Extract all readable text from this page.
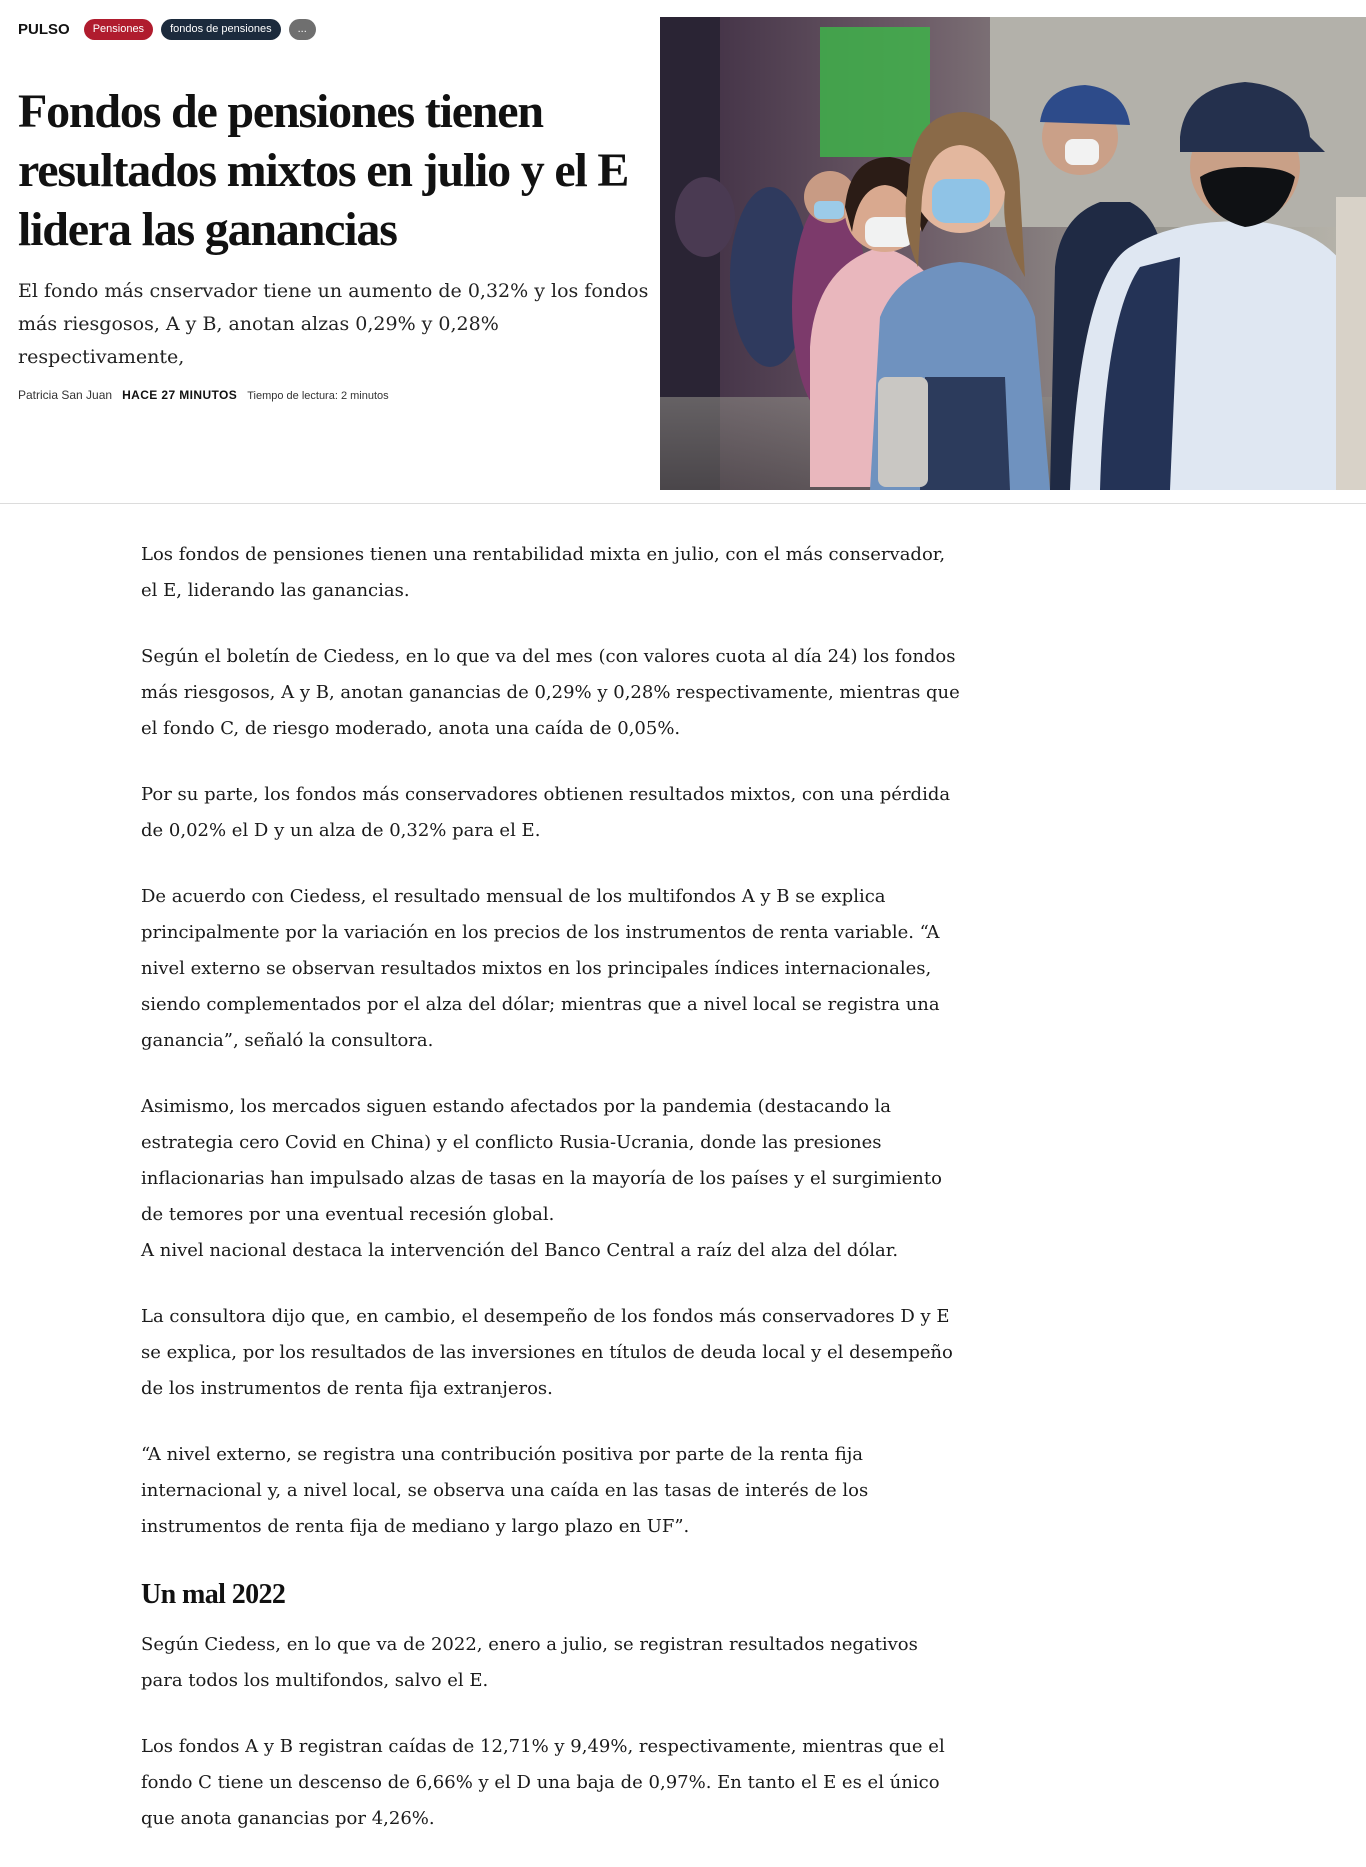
PULSO	Pensiones	fondos de pensiones	...
Fondos de pensiones tienen resultados mixtos en julio y el E lidera las ganancias

El fondo más cnservador tiene un aumento de 0,32% y los fondos más riesgosos, A y B, anotan alzas 0,29% y 0,28% respectivamente,

Patricia San Juan HACE 27 MINUTOS Tiempo de lectura: 2 minutos

Los fondos de pensiones tienen una rentabilidad mixta en julio, con el más conservador, el E, liderando las ganancias.

Según el boletín de Ciedess, en lo que va del mes (con valores cuota al día 24) los fondos más riesgosos, A y B, anotan ganancias de 0,29% y 0,28% respectivamente, mientras que el fondo C, de riesgo moderado, anota una caída de 0,05%.

Por su parte, los fondos más conservadores obtienen resultados mixtos, con una pérdida de 0,02% el D y un alza de 0,32% para el E.

De acuerdo con Ciedess, el resultado mensual de los multifondos A y B se explica principalmente por la variación en los precios de los instrumentos de renta variable. “A nivel externo se observan resultados mixtos en los principales índices internacionales, siendo complementados por el alza del dólar; mientras que a nivel local se registra una ganancia”, señaló la consultora.

Asimismo, los mercados siguen estando afectados por la pandemia (destacando la estrategia cero Covid en China) y el conflicto Rusia-Ucrania, donde las presiones inflacionarias han impulsado alzas de tasas en la mayoría de los países y el surgimiento de temores por una eventual recesión global.
A nivel nacional destaca la intervención del Banco Central a raíz del alza del dólar.

La consultora dijo que, en cambio, el desempeño de los fondos más conservadores D y E se explica, por los resultados de las inversiones en títulos de deuda local y el desempeño de los instrumentos de renta fija extranjeros.

“A nivel externo, se registra una contribución positiva por parte de la renta fija internacional y, a nivel local, se observa una caída en las tasas de interés de los instrumentos de renta fija de mediano y largo plazo en UF”.

Un mal 2022

Según Ciedess, en lo que va de 2022, enero a julio, se registran resultados negativos para todos los multifondos, salvo el E.

Los fondos A y B registran caídas de 12,71% y 9,49%, respectivamente, mientras que el fondo C tiene un descenso de 6,66% y el D una baja de 0,97%. En tanto el E es el único que anota ganancias por 4,26%.
